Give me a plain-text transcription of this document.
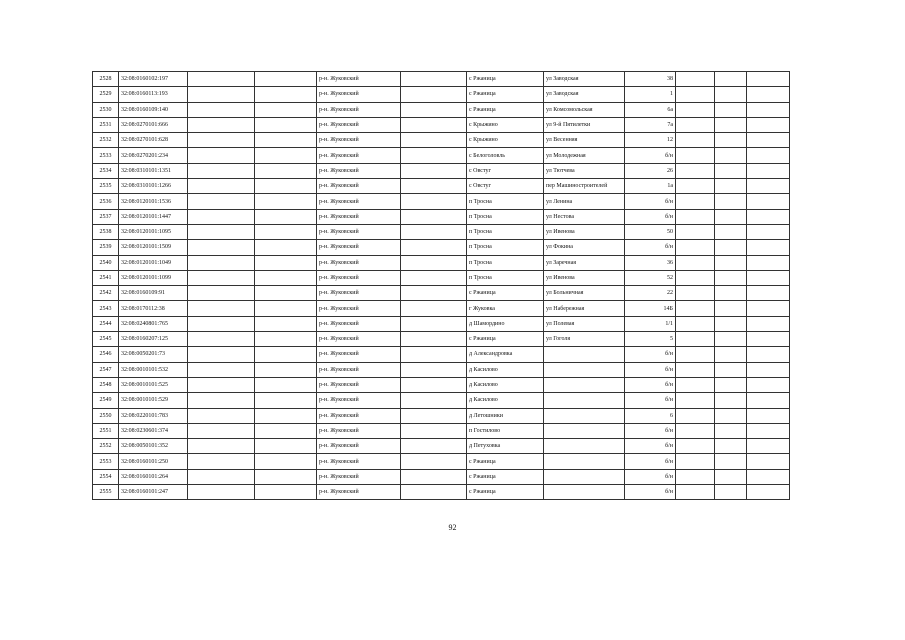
2528	32:08:0160102:197			р-н. Жуковский		с Ржаница	ул Заводская	38			
2529	32:08:0160113:193			р-н. Жуковский		с Ржаница	ул Заводская	1			
2530	32:08:0160109:140			р-н. Жуковский		с Ржаница	ул Комсомольская	6а			
2531	32:08:0270101:666			р-н. Жуковский		с Крыжино	ул 9-й Пятилетки	7а			
2532	32:08:0270101:628			р-н. Жуковский		с Крыжино	ул Весенняя	12			
2533	32:08:0270201:234			р-н. Жуковский		с Белоголовль	ул Молодежная	б/н			
2534	32:08:0310101:1351			р-н. Жуковский		с Овстуг	ул Тютчева	26			
2535	32:08:0310101:1266			р-н. Жуковский		с Овстуг	пер Машиностроителей	1а			
2536	32:08:0120101:1536			р-н. Жуковский		п Тросна	ул Ленина	б/н			
2537	32:08:0120101:1447			р-н. Жуковский		п Тросна	ул Нестова	б/н			
2538	32:08:0120101:1095			р-н. Жуковский		п Тросна	ул Ивенова	50			
2539	32:08:0120101:1509			р-н. Жуковский		п Тросна	ул Фокина	б/н			
2540	32:08:0120101:1049			р-н. Жуковский		п Тросна	ул Заречная	36			
2541	32:08:0120101:1099			р-н. Жуковский		п Тросна	ул Ивенова	52			
2542	32:08:0160109:91			р-н. Жуковский		с Ржаница	ул Больничная	22			
2543	32:08:0170112:38			р-н. Жуковский		г Жуковка	ул Набережная	14Б			
2544	32:08:0240801:765			р-н. Жуковский		д Шамордино	ул Полевая	1/1			
2545	32:08:0160207:125			р-н. Жуковский		с Ржаница	ул Гоголя	5			
2546	32:08:0050201:73			р-н. Жуковский		д Александровка		б/н			
2547	32:08:0010101:532			р-н. Жуковский		д Касилово		б/н			
2548	32:08:0010101:525			р-н. Жуковский		д Касилово		б/н			
2549	32:08:0010101:529			р-н. Жуковский		д Касилово		б/н			
2550	32:08:0220101:783			р-н. Жуковский		д Летошники		6			
2551	32:08:0230601:374			р-н. Жуковский		п Гостилово		б/н			
2552	32:08:0050101:352			р-н. Жуковский		д Петуховка		б/н			
2553	32:08:0160101:250			р-н. Жуковский		с Ржаница		б/н			
2554	32:08:0160101:264			р-н. Жуковский		с Ржаница		б/н			
2555	32:08:0160101:247			р-н. Жуковский		с Ржаница		б/н			
92
